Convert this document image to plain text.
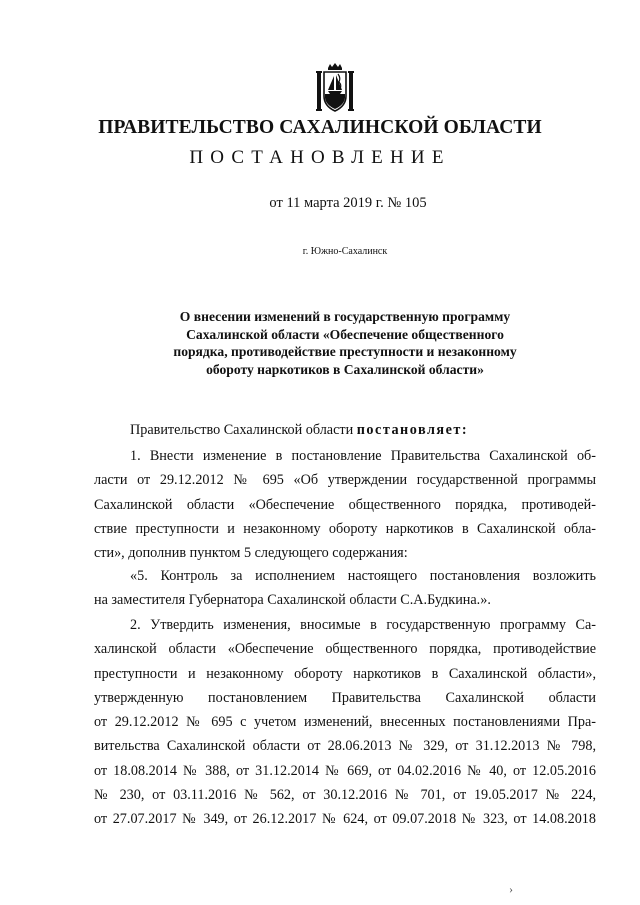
ПРАВИТЕЛЬСТВО САХАЛИНСКОЙ ОБЛАСТИ
ПОСТАНОВЛЕНИЕ
от 11 марта 2019 г. № 105
г. Южно-Сахалинск
О внесении изменений в государственную программу
Сахалинской области «Обеспечение общественного
порядка, противодействие преступности и незаконному
обороту наркотиков в Сахалинской области»
Правительство Сахалинской области постановляет:
1. Внести изменение в постановление Правительства Сахалинской об-
ласти от 29.12.2012 № 695 «Об утверждении государственной программы
Сахалинской области «Обеспечение общественного порядка, противодей-
ствие преступности и незаконному обороту наркотиков в Сахалинской обла-
сти», дополнив пунктом 5 следующего содержания:
«5. Контроль за исполнением настоящего постановления возложить
на заместителя Губернатора Сахалинской области С.А.Будкина.».
2. Утвердить изменения, вносимые в государственную программу Са-
халинской области «Обеспечение общественного порядка, противодействие
преступности и незаконному обороту наркотиков в Сахалинской области»,
утвержденную постановлением Правительства Сахалинской области
от 29.12.2012 № 695 с учетом изменений, внесенных постановлениями Пра-
вительства Сахалинской области от 28.06.2013 № 329, от 31.12.2013 № 798,
от 18.08.2014 № 388, от 31.12.2014 № 669, от 04.02.2016 № 40, от 12.05.2016
№ 230, от 03.11.2016 № 562, от 30.12.2016 № 701, от 19.05.2017 № 224,
от 27.07.2017 № 349, от 26.12.2017 № 624, от 09.07.2018 № 323, от 14.08.2018
›
